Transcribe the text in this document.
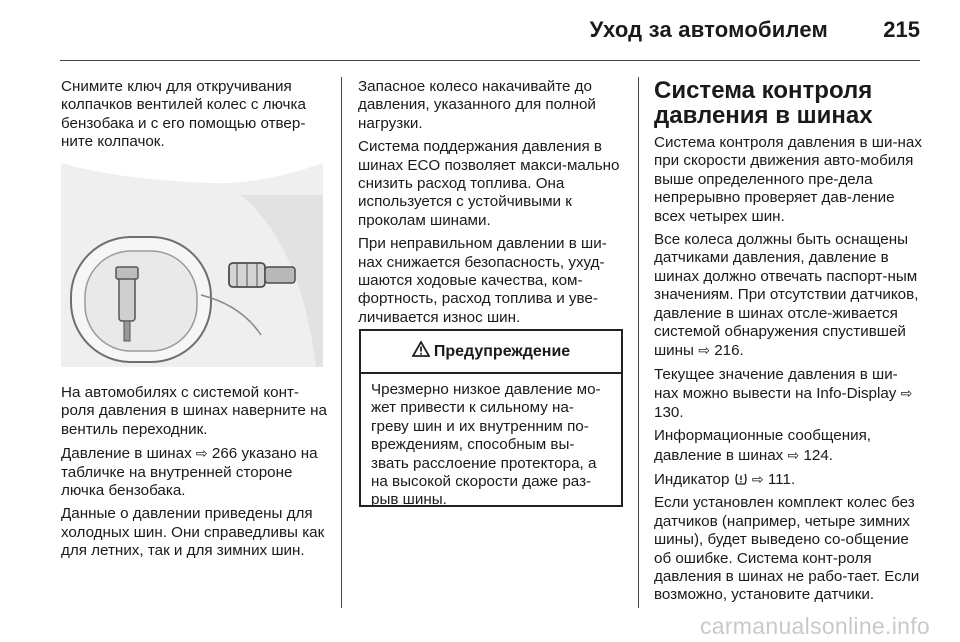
Уход за автомобилем	215

Снимите ключ для откручивания колпачков вентилей колес с лючка бензобака и с его помощью отвер-ните колпачок.

На автомобилях с системой конт-роля давления в шинах наверните на вентиль переходник.

Давление в шинах ⇨ 266 указано на табличке на внутренней стороне лючка бензобака.

Данные о давлении приведены для холодных шин. Они справедливы как для летних, так и для зимних шин.

Запасное колесо накачивайте до давления, указанного для полной нагрузки.

Система поддержания давления в шинах ECO позволяет макси-мально снизить расход топлива. Она используется с устойчивыми к проколам шинами.

При неправильном давлении в ши-нах снижается безопасность, ухуд-шаются ходовые качества, ком-фортность, расход топлива и уве-личивается износ шин.

Предупреждение
Чрезмерно низкое давление мо-жет привести к сильному на-греву шин и их внутренним по-вреждениям, способным вы-звать расслоение протектора, а на высокой скорости даже раз-рыв шины.
Система контроля давления в шинах

Система контроля давления в ши-нах при скорости движения авто-мобиля выше определенного пре-дела непрерывно проверяет дав-ление всех четырех шин.

Все колеса должны быть оснащены датчиками давления, давление в шинах должно отвечать паспорт-ным значениям. При отсутствии датчиков, давление в шинах отсле-живается системой обнаружения спустившей шины ⇨ 216.

Текущее значение давления в ши-нах можно вывести на Info-Display ⇨ 130.

Информационные сообщения, давление в шинах ⇨ 124.

Индикатор ⇨ 111.

Если установлен комплект колес без датчиков (например, четыре зимних шины), будет выведено со-общение об ошибке. Система конт-роля давления в шинах не рабо-тает. Если возможно, установите датчики.

carmanualsonline.info
